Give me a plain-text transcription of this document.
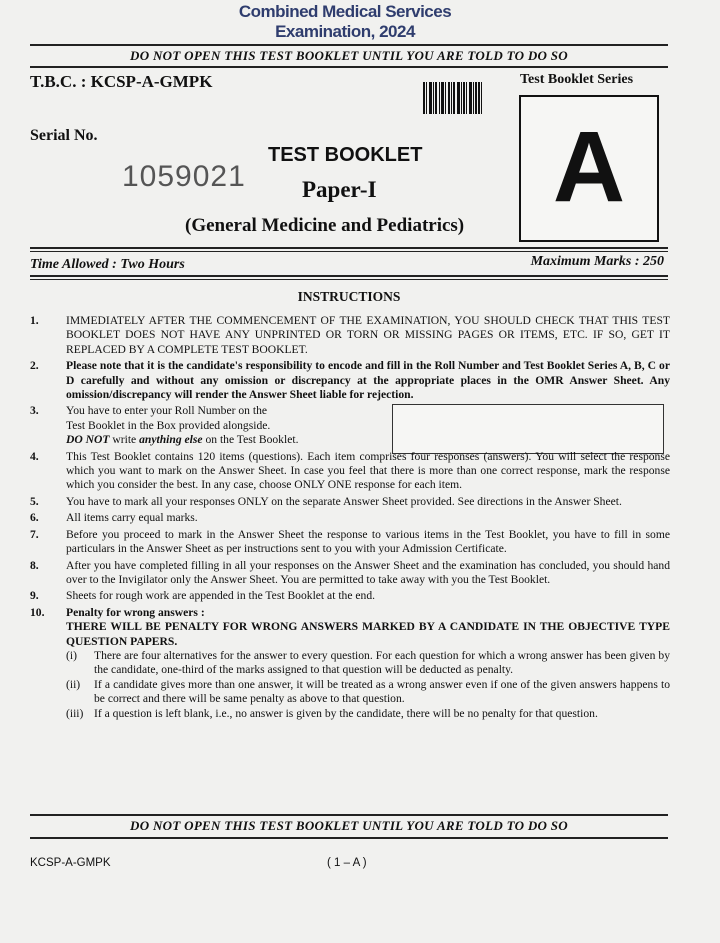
Combined Medical Services
Examination, 2024
DO NOT OPEN THIS TEST BOOKLET UNTIL YOU ARE TOLD TO DO SO
T.B.C. : KCSP-A-GMPK	Test Booklet Series
A
Serial No.
1059021
TEST BOOKLET
Paper-I
(General Medicine and Pediatrics)
Time Allowed : Two Hours	Maximum Marks : 250
INSTRUCTIONS
1.	IMMEDIATELY AFTER THE COMMENCEMENT OF THE EXAMINATION, YOU SHOULD CHECK THAT THIS TEST BOOKLET DOES NOT HAVE ANY UNPRINTED OR TORN OR MISSING PAGES OR ITEMS, ETC. IF SO, GET IT REPLACED BY A COMPLETE TEST BOOKLET.
2.	Please note that it is the candidate's responsibility to encode and fill in the Roll Number and Test Booklet Series A, B, C or D carefully and without any omission or discrepancy at the appropriate places in the OMR Answer Sheet. Any omission/discrepancy will render the Answer Sheet liable for rejection.
3.	You have to enter your Roll Number on the
Test Booklet in the Box provided alongside.
DO NOT write anything else on the Test Booklet.
4.	This Test Booklet contains 120 items (questions). Each item comprises four responses (answers). You will select the response which you want to mark on the Answer Sheet. In case you feel that there is more than one correct response, mark the response which you consider the best. In any case, choose ONLY ONE response for each item.
5.	You have to mark all your responses ONLY on the separate Answer Sheet provided. See directions in the Answer Sheet.
6.	All items carry equal marks.
7.	Before you proceed to mark in the Answer Sheet the response to various items in the Test Booklet, you have to fill in some particulars in the Answer Sheet as per instructions sent to you with your Admission Certificate.
8.	After you have completed filling in all your responses on the Answer Sheet and the examination has concluded, you should hand over to the Invigilator only the Answer Sheet. You are permitted to take away with you the Test Booklet.
9.	Sheets for rough work are appended in the Test Booklet at the end.
10.	Penalty for wrong answers :
THERE WILL BE PENALTY FOR WRONG ANSWERS MARKED BY A CANDIDATE IN THE OBJECTIVE TYPE QUESTION PAPERS.
(i)	There are four alternatives for the answer to every question. For each question for which a wrong answer has been given by the candidate, one-third of the marks assigned to that question will be deducted as penalty.
(ii)	If a candidate gives more than one answer, it will be treated as a wrong answer even if one of the given answers happens to be correct and there will be same penalty as above to that question.
(iii) If a question is left blank, i.e., no answer is given by the candidate, there will be no penalty for that question.
DO NOT OPEN THIS TEST BOOKLET UNTIL YOU ARE TOLD TO DO SO
KCSP-A-GMPK	( 1 – A )
